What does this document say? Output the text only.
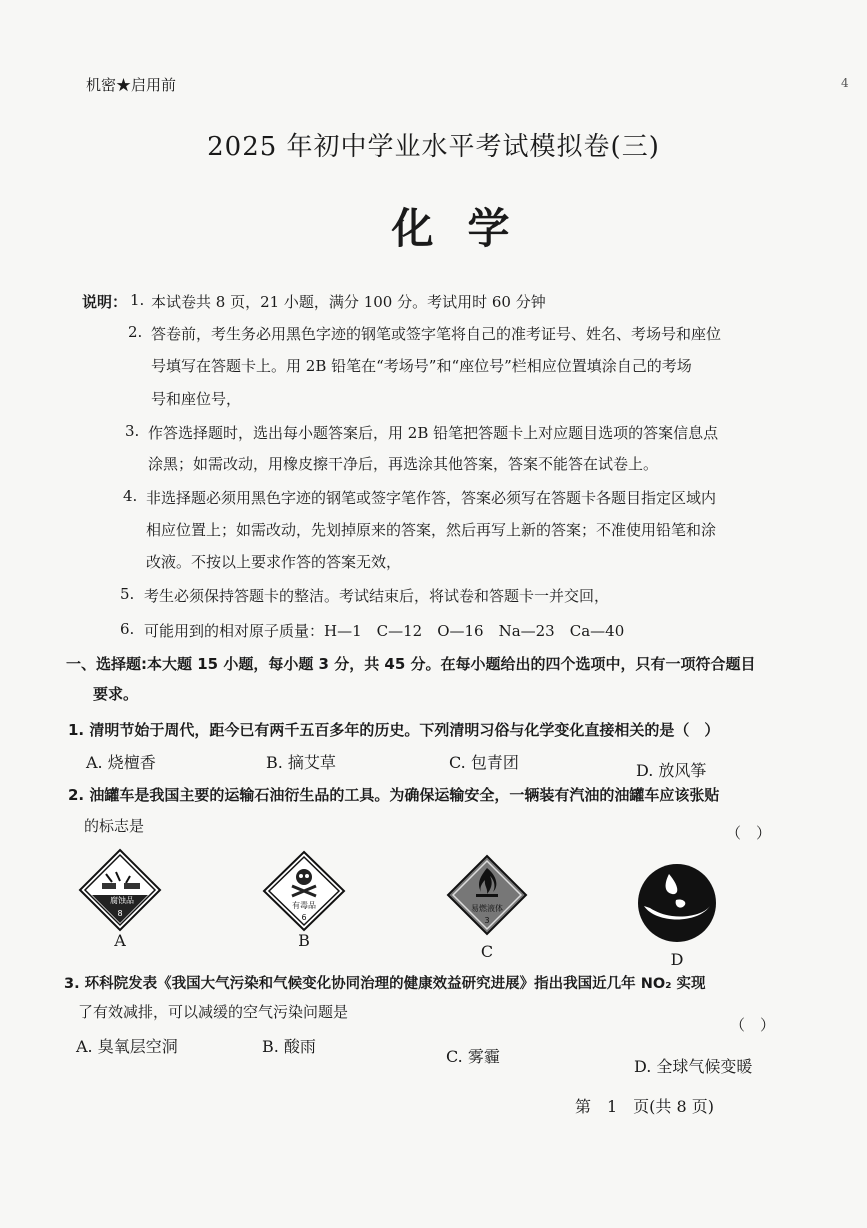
机密★启用前	4
2025 年初中学业水平考试模拟卷(三)
化学
说明： 1. 本试卷共 8 页，21 小题，满分 100 分。考试用时 60 分钟
2. 答卷前，考生务必用黑色字迹的钢笔或签字笔将自己的准考证号、姓名、考场号和座位
号填写在答题卡上。用 2B 铅笔在“考场号”和“座位号”栏相应位置填涂自己的考场
号和座位号，
3. 作答选择题时，选出每小题答案后，用 2B 铅笔把答题卡上对应题目选项的答案信息点
涂黑；如需改动，用橡皮擦干净后，再选涂其他答案，答案不能答在试卷上。
4. 非选择题必须用黑色字迹的钢笔或签字笔作答，答案必须写在答题卡各题目指定区域内
相应位置上；如需改动，先划掉原来的答案，然后再写上新的答案；不准使用铅笔和涂
改液。不按以上要求作答的答案无效，
5. 考生必须保持答题卡的整洁。考试结束后，将试卷和答题卡一并交回，
6. 可能用到的相对原子质量：H—1　C—12　O—16　Na—23　Ca—40
一、选择题:本大题 15 小题，每小题 3 分，共 45 分。在每小题给出的四个选项中，只有一项符合题目
要求。
1. 清明节始于周代，距今已有两千五百多年的历史。下列清明习俗与化学变化直接相关的是（　）
A. 烧檀香	B. 摘艾草	C. 包青团	D. 放风筝
2. 油罐车是我国主要的运输石油衍生品的工具。为确保运输安全，一辆装有汽油的油罐车应该张贴
的标志是	（　）
腐蚀品
8
A
有毒品
6
B
易燃液体
3
C	D
3. 环科院发表《我国大气污染和气候变化协同治理的健康效益研究进展》指出我国近几年 NO₂ 实现
了有效减排，可以减缓的空气污染问题是
（　）
A. 臭氧层空洞	B. 酸雨
C. 雾霾
D. 全球气候变暖
第　1　页(共 8 页)
